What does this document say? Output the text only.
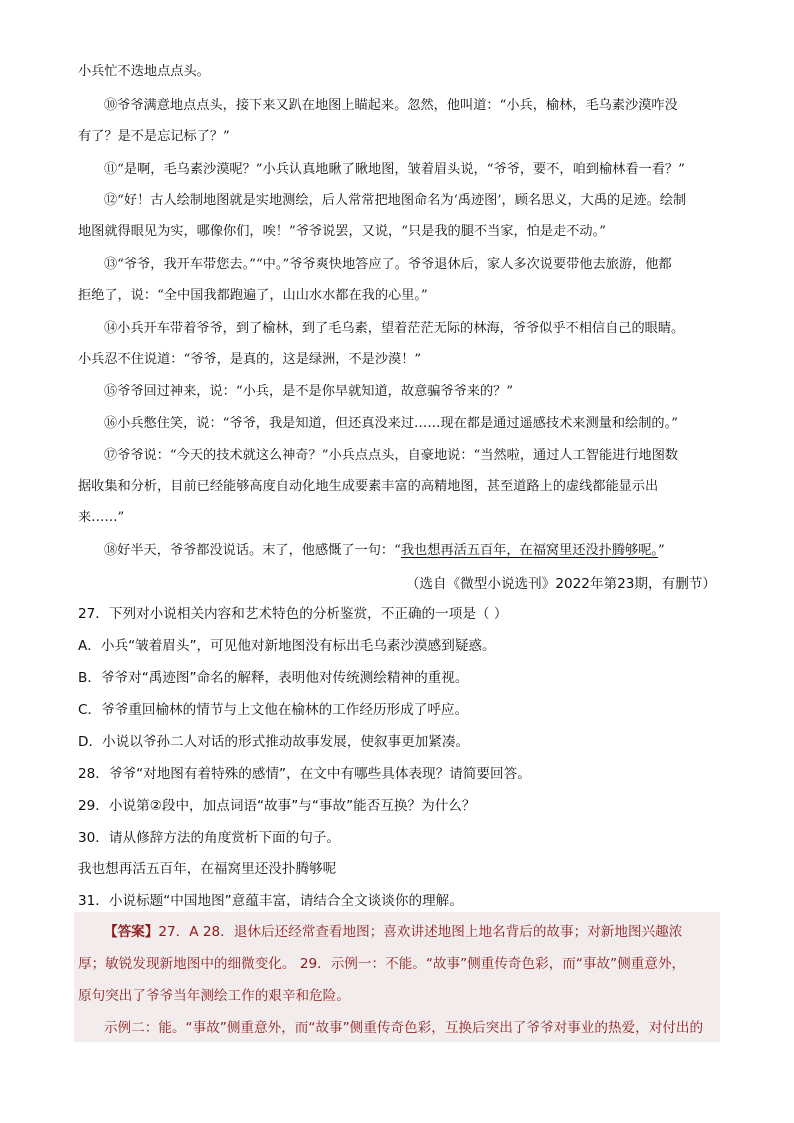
小兵忙不迭地点点头。
⑩爷爷满意地点点头，接下来又趴在地图上瞄起来。忽然，他叫道：“小兵，榆林，毛乌素沙漠咋没
有了？是不是忘记标了？”
⑪“是啊，毛乌素沙漠呢？”小兵认真地瞅了瞅地图，皱着眉头说，“爷爷，要不，咱到榆林看一看？”
⑫“好！古人绘制地图就是实地测绘，后人常常把地图命名为‘禹迹图’，顾名思义，大禹的足迹。绘制
地图就得眼见为实，哪像你们，唉！”爷爷说罢，又说，“只是我的腿不当家，怕是走不动。”
⑬“爷爷，我开车带您去。”“中。”爷爷爽快地答应了。爷爷退休后，家人多次说要带他去旅游，他都
拒绝了，说：“全中国我都跑遍了，山山水水都在我的心里。”
⑭小兵开车带着爷爷，到了榆林，到了毛乌素，望着茫茫无际的林海，爷爷似乎不相信自己的眼睛。
小兵忍不住说道：“爷爷，是真的，这是绿洲，不是沙漠！”
⑮爷爷回过神来，说：“小兵，是不是你早就知道，故意骗爷爷来的？”
⑯小兵憋住笑，说：“爷爷，我是知道，但还真没来过……现在都是通过遥感技术来测量和绘制的。”
⑰爷爷说：“今天的技术就这么神奇？”小兵点点头，自豪地说：“当然啦，通过人工智能进行地图数
据收集和分析，目前已经能够高度自动化地生成要素丰富的高精地图，甚至道路上的虚线都能显示出
来……”
⑱好半天，爷爷都没说话。末了，他感慨了一句：“我也想再活五百年，在福窝里还没扑腾够呢。”
（选自《微型小说选刊》2022年第23期，有删节）
27．下列对小说相关内容和艺术特色的分析鉴赏，不正确的一项是（ ）
A．小兵“皱着眉头”，可见他对新地图没有标出毛乌素沙漠感到疑惑。
B．爷爷对“禹迹图”命名的解释，表明他对传统测绘精神的重视。
C．爷爷重回榆林的情节与上文他在榆林的工作经历形成了呼应。
D．小说以爷孙二人对话的形式推动故事发展，使叙事更加紧凑。
28．爷爷“对地图有着特殊的感情”，在文中有哪些具体表现？请简要回答。
29．小说第②段中，加点词语“故事”与“事故”能否互换？为什么？
30．请从修辞方法的角度赏析下面的句子。
我也想再活五百年，在福窝里还没扑腾够呢
31．小说标题“中国地图”意蕴丰富，请结合全文谈谈你的理解。
【答案】27．A 28．退休后还经常查看地图；喜欢讲述地图上地名背后的故事；对新地图兴趣浓
厚；敏锐发现新地图中的细微变化。 29．示例一：不能。“故事”侧重传奇色彩，而“事故”侧重意外，
原句突出了爷爷当年测绘工作的艰辛和危险。
示例二：能。“事故”侧重意外，而“故事”侧重传奇色彩，互换后突出了爷爷对事业的热爱，对付出的
